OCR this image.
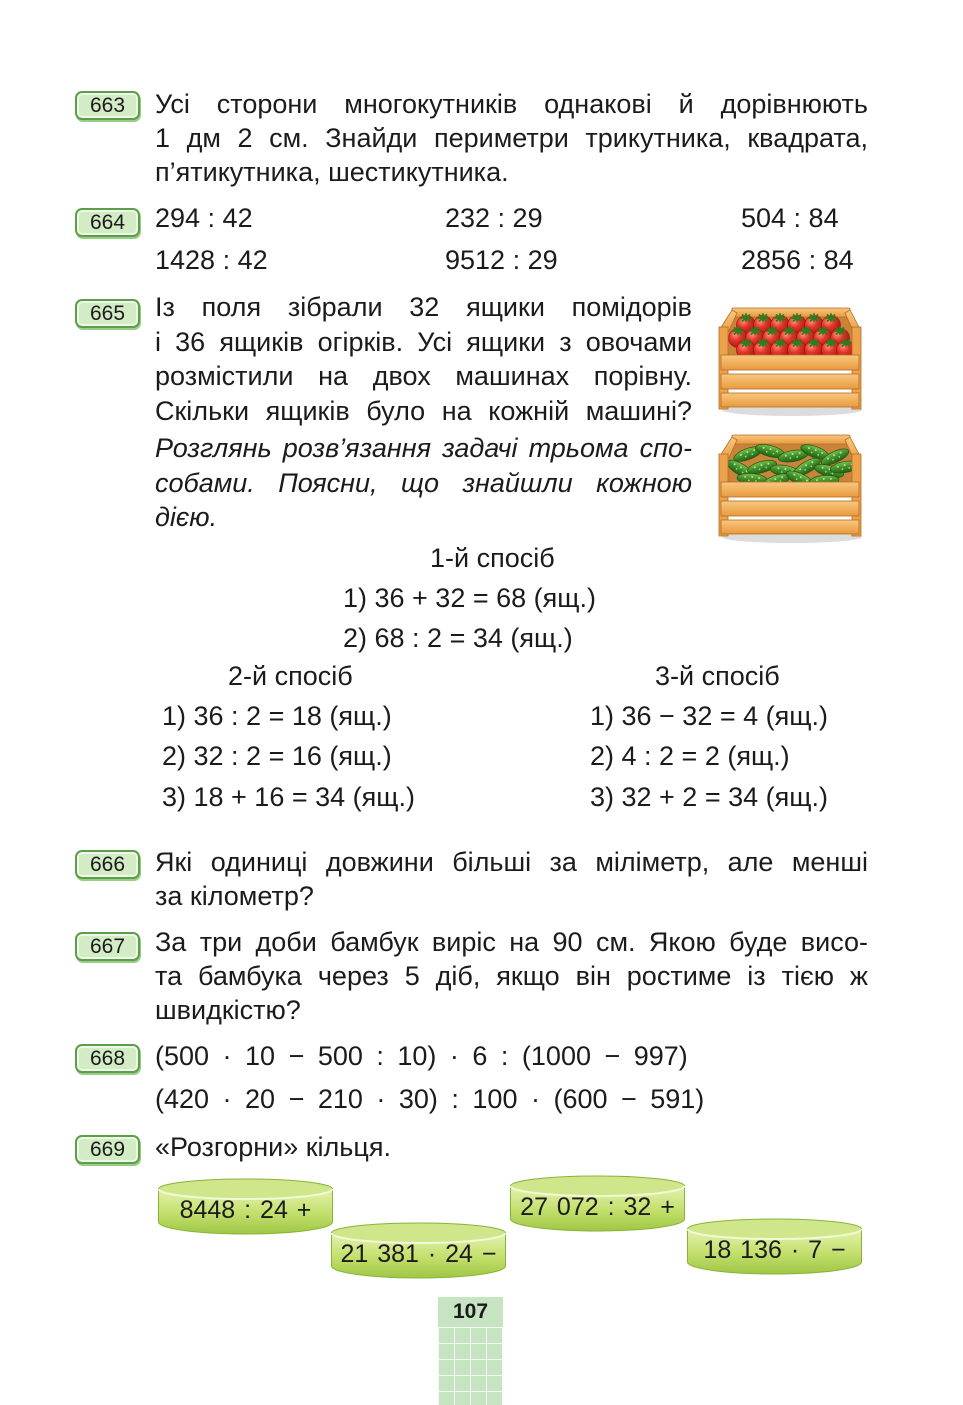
663	Усі сторони многокутників однакові й дорівнюють
1 дм 2 см. Знайди периметри трикутника, квадрата,
п’ятикутника, шестикутника.
664	294 : 42	232 : 29	504 : 84
1428 : 42	9512 : 29	2856 : 84
665	Із поля зібрали 32 ящики помідорів
і 36 ящиків огірків. Усі ящики з овочами
розмістили на двох машинах порівну.
Скільки ящиків було на кожній машині?
Розглянь розв’язання задачі трьома спо-
собами. Поясни, що знайшли кожною
дією.
1-й спосіб
1) 36 + 32 = 68 (ящ.)
2) 68 : 2 = 34 (ящ.)
2-й спосіб
1) 36 : 2 = 18 (ящ.)
2) 32 : 2 = 16 (ящ.)
3) 18 + 16 = 34 (ящ.)
3-й спосіб
1) 36 − 32 = 4 (ящ.)
2) 4 : 2 = 2 (ящ.)
3) 32 + 2 = 34 (ящ.)
666	Які одиниці довжини більші за міліметр, але менші
за кілометр?
667	За три доби бамбук виріс на 90 см. Якою буде висо-
та бамбука через 5 діб, якщо він ростиме із тією ж
швидкістю?
668	(500 · 10 − 500 : 10) · 6 : (1000 − 997)
(420 · 20 − 210 · 30) : 100 · (600 − 591)
669	«Розгорни» кільця.
8448 : 24 +
21 381 · 24 −
27 072 : 32 +
18 136 · 7 −
107
